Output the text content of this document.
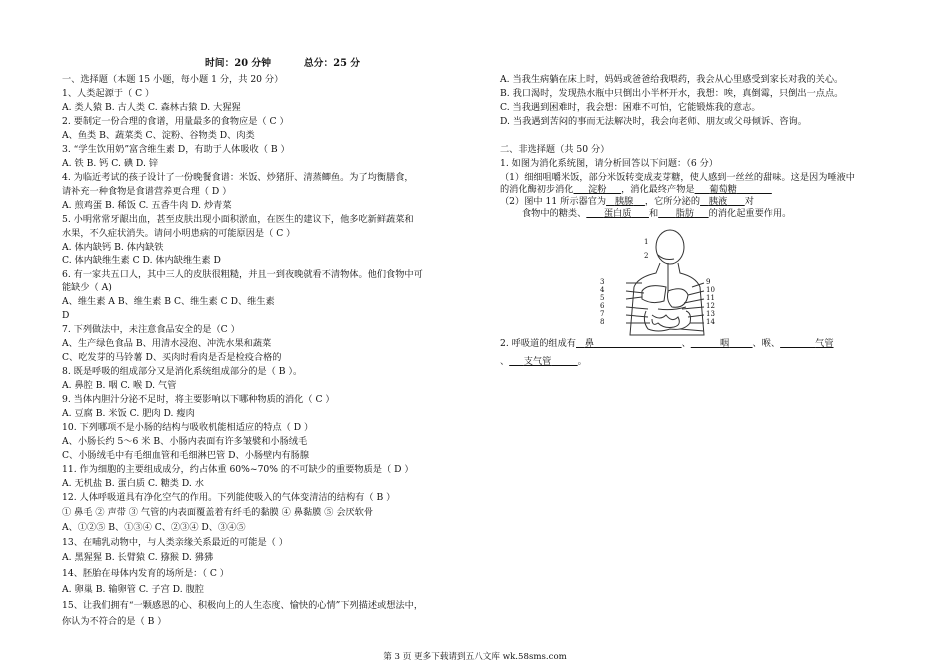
时间：20 分钟	总分：25 分
一、选择题（本题 15 小题，每小题 1 分，共 20 分）
1、人类起源于（ C ）
A. 类人猿 B. 古人类 C. 森林古猿 D. 大猩猩
2. 要制定一份合理的食谱，用量最多的食物应是（ C ）
A、鱼类 B、蔬菜类 C、淀粉、谷物类 D、肉类
3. “学生饮用奶”富含维生素 D，有助于人体吸收（ B ）
A. 铁 B. 钙 C. 碘 D. 锌
4. 为临近考试的孩子设计了一份晚餐食谱：米饭、炒猪肝、清蒸鲫鱼。为了均衡膳食，
请补充一种食物是食谱营养更合理（ D ）
A. 煎鸡蛋 B. 稀饭 C. 五香牛肉 D. 炒青菜
5. 小明常常牙龈出血，甚至皮肤出现小面积淤血，在医生的建议下，他多吃新鲜蔬菜和
水果，不久症状消失。请问小明患病的可能原因是（ C ）
A. 体内缺钙 B. 体内缺铁
C. 体内缺维生素 C D. 体内缺维生素 D
6. 有一家共五口人，其中三人的皮肤很粗糙，并且一到夜晚就看不清物体。他们食物中可
能缺少（ A)
A、维生素 A B、维生素 B C、维生素 C D、维生素
D
7. 下列做法中，未注意食品安全的是（C ）
A、生产绿色食品 B、用清水浸泡、冲洗水果和蔬菜
C、吃发芽的马铃薯 D、买肉时看肉是否是检疫合格的
8. 既是呼吸的组成部分又是消化系统组成部分的是（ B ）。
A. 鼻腔 B. 咽 C. 喉 D. 气管
9. 当体内胆汁分泌不足时，将主要影响以下哪种物质的消化（ C ）
A. 豆腐 B. 米饭 C. 肥肉 D. 瘦肉
10. 下列哪项不是小肠的结构与吸收机能相适应的特点（ D ）
A、小肠长约 5～6 米 B、小肠内表面有许多皱襞和小肠绒毛
C、小肠绒毛中有毛细血管和毛细淋巴管 D、小肠壁内有肠腺
11. 作为细胞的主要组成成分，约占体重 60%~70% 的不可缺少的重要物质是（ D ）
A. 无机盐 B. 蛋白质 C. 糖类 D. 水
12. 人体呼吸道具有净化空气的作用。下列能使吸入的气体变清洁的结构有（ B ）
① 鼻毛 ② 声带 ③ 气管的内表面覆盖着有纤毛的黏膜 ④ 鼻黏膜 ⑤ 会厌软骨
A、①②⑤ B、①③④ C、②③④ D、③④⑤
13、在哺乳动物中，与人类亲缘关系最近的可能是（ ）
A. 黑猩猩 B. 长臂猿 C. 猕猴 D. 狒狒
14、胚胎在母体内发育的场所是：（ C ）
A. 卵巢 B. 输卵管 C. 子宫 D. 腹腔
15、让我们拥有“一颗感恩的心、积极向上的人生态度、愉快的心情”下列描述或想法中，
你认为不符合的是（ B ）
A. 当我生病躺在床上时，妈妈或爸爸给我喂药，我会从心里感受到家长对我的关心。
B. 我口渴时，发现热水瓶中只倒出小半杯开水，我想：唉，真倒霉，只倒出一点点。
C. 当我遇到困难时，我会想：困难不可怕，它能锻炼我的意志。
D. 当我遇到苦闷的事而无法解决时，我会向老师、朋友或父母倾诉、咨询。
二、非选择题（共 50 分）
1. 如图为消化系统图，请分析回答以下问题：（6 分）
（1）细细咀嚼米饭，部分米饭转变成麦芽糖，使人感到一丝丝的甜味。这是因为唾液中
的消化酶初步消化 淀粉 ，消化最终产物是 葡萄糖
（2）图中 11 所示器官为 胰腺 ，它所分泌的 胰液 对
食物中的糖类、 蛋白质 和 脂肪 的消化起重要作用。
3
4
5
6
7
8
9
10
11
12
13
14
1
2
2. 呼吸道的组成有 鼻	、	咽	、喉、	气管
、 支气管	。
第 3 页 更多下载请到五八文库 wk.58sms.com
